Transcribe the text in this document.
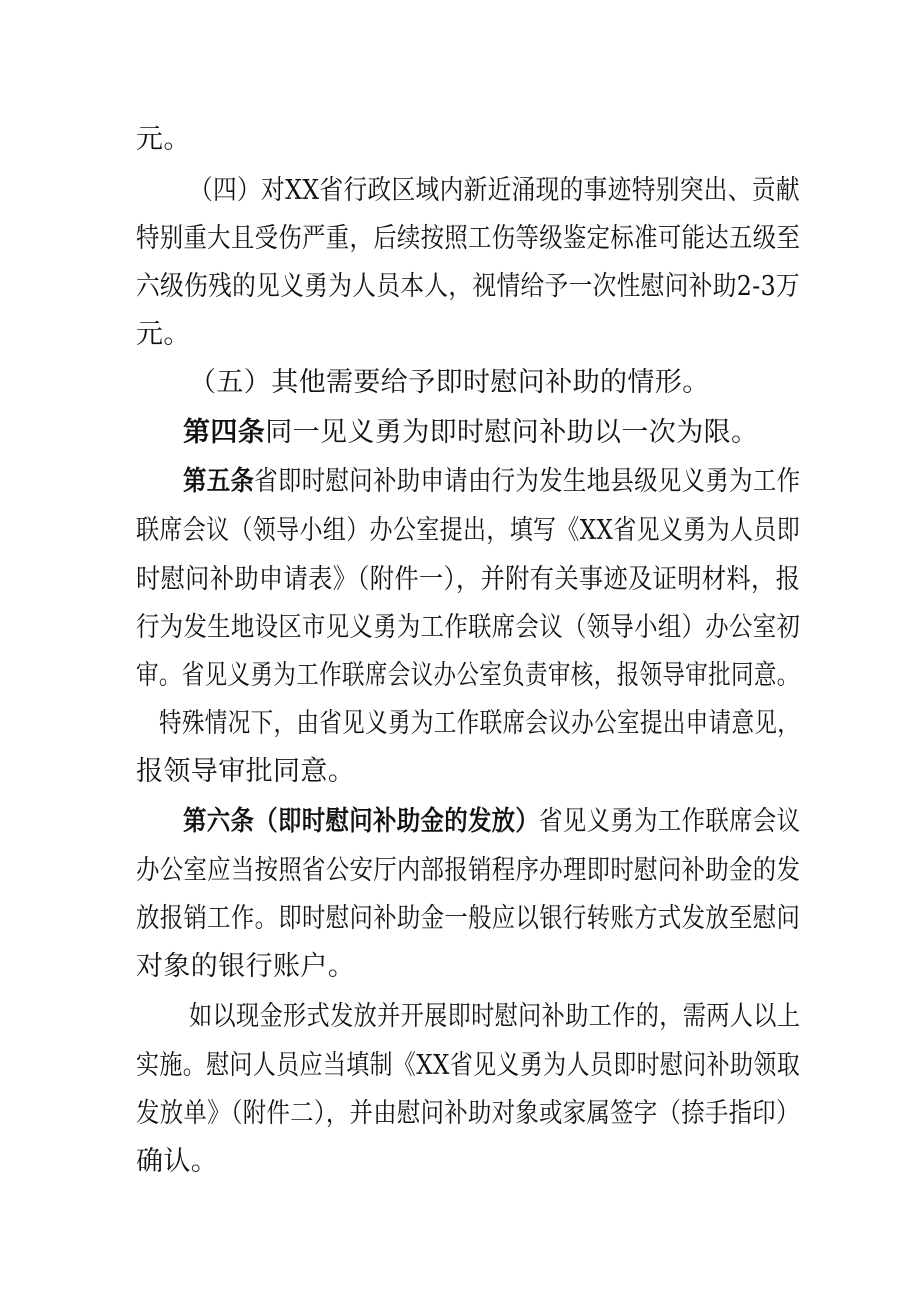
元。
（四）对XX省行政区域内新近涌现的事迹特别突出、贡献
特别重大且受伤严重，后续按照工伤等级鉴定标准可能达五级至
六级伤残的见义勇为人员本人，视情给予一次性慰问补助2-3万
元。
（五）其他需要给予即时慰问补助的情形。
第四条同一见义勇为即时慰问补助以一次为限。
第五条省即时慰问补助申请由行为发生地县级见义勇为工作
联席会议（领导小组）办公室提出，填写《XX省见义勇为人员即
时慰问补助申请表》（附件一），并附有关事迹及证明材料，报
行为发生地设区市见义勇为工作联席会议（领导小组）办公室初
审。省见义勇为工作联席会议办公室负责审核，报领导审批同意。
特殊情况下，由省见义勇为工作联席会议办公室提出申请意见，
报领导审批同意。
第六条（即时慰问补助金的发放）省见义勇为工作联席会议
办公室应当按照省公安厅内部报销程序办理即时慰问补助金的发
放报销工作。即时慰问补助金一般应以银行转账方式发放至慰问
对象的银行账户。
如以现金形式发放并开展即时慰问补助工作的，需两人以上
实施。慰问人员应当填制《XX省见义勇为人员即时慰问补助领取
发放单》（附件二），并由慰问补助对象或家属签字（捺手指印）
确认。
